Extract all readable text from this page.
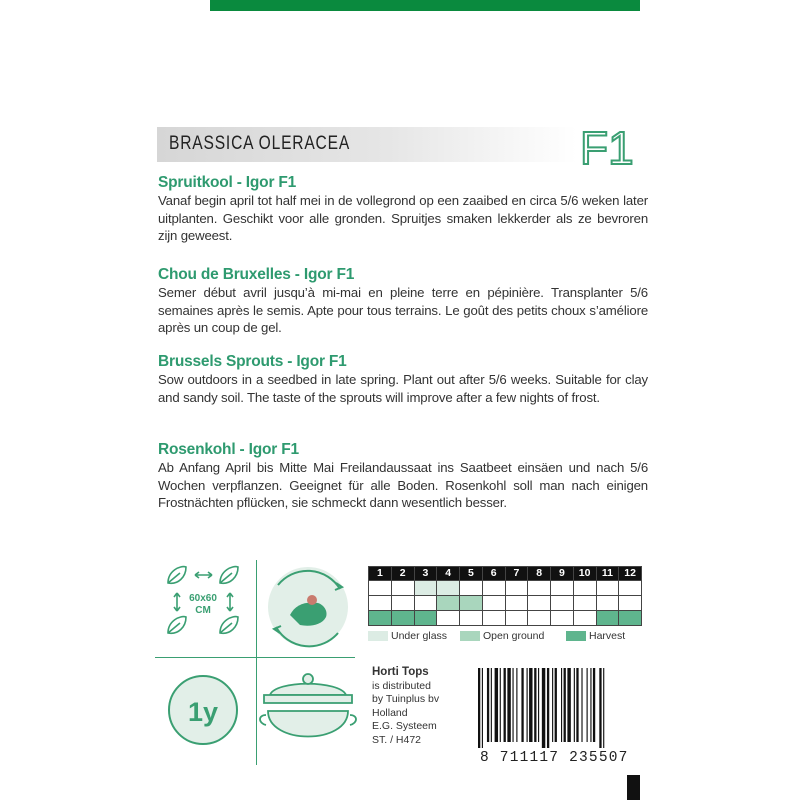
BRASSICA OLERACEA	F1
Spruitkool - Igor F1

Vanaf begin april tot half mei in de vollegrond op een zaaibed en circa 5/6 weken later uitplanten. Geschikt voor alle gronden. Spruitjes smaken lekkerder als ze bevroren zijn geweest.

Chou de Bruxelles - Igor F1

Semer début avril jusqu’à mi-mai en pleine terre en pépinière. Transplanter 5/6 semaines après le semis. Apte pour tous terrains. Le goût des petits choux s’améliore après un coup de gel.

Brussels Sprouts - Igor F1

Sow outdoors in a seedbed in late spring. Plant out after 5/6 weeks. Suitable for clay and sandy soil. The taste of the sprouts will improve after a few nights of frost.

Rosenkohl - Igor F1

Ab Anfang April bis Mitte Mai Freilandaussaat ins Saatbeet einsäen und nach 5/6 Wochen verpflanzen. Geeignet für alle Boden. Rosenkohl soll man nach einigen Frostnächten pflücken, sie schmeckt dann wesentlich besser.

60x60
CM
1y
1	2	3	4	5	6	7	8	9	10	11	12

Under glass	Open ground	Harvest
Horti Tops
is distributed
by Tuinplus bv
Holland
E.G. Systeem
ST. / H472
8 711117 235507
